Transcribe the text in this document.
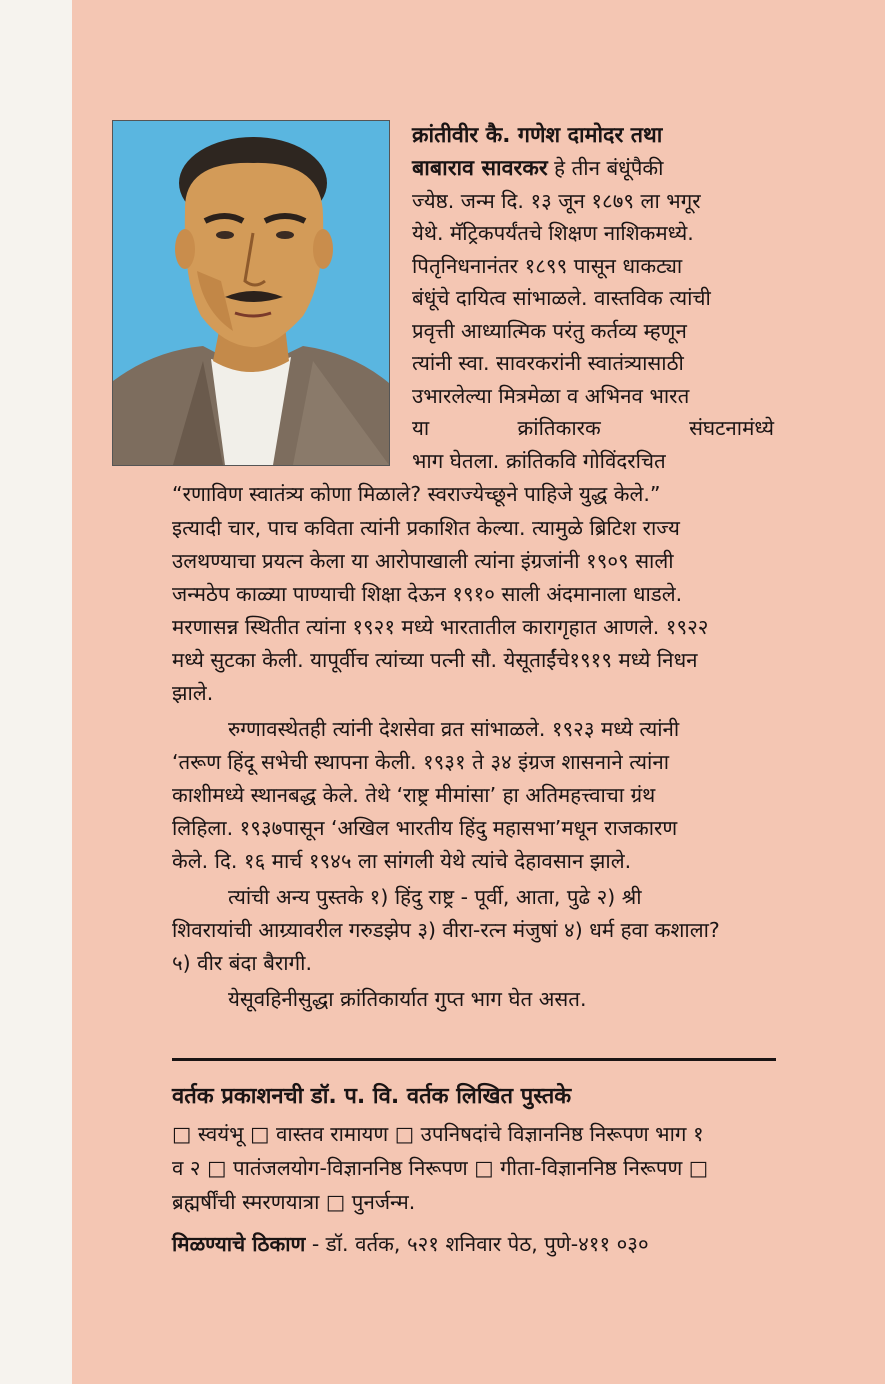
क्रांतीवीर कै. गणेश दामोदर तथा
बाबाराव सावरकर हे तीन बंधूंपैकी
ज्येष्ठ. जन्म दि. १३ जून १८७९ ला भगूर
येथे. मॅट्रिकपर्यंतचे शिक्षण नाशिकमध्ये.
पितृनिधनानंतर १८९९ पासून धाकट्या
बंधूंचे दायित्व सांभाळले. वास्तविक त्यांची
प्रवृत्ती आध्यात्मिक परंतु कर्तव्य म्हणून
त्यांनी स्वा. सावरकरांनी स्वातंत्र्यासाठी
उभारलेल्या मित्रमेळा व अभिनव भारत
या	क्रांतिकारक	संघटनामंध्ये
भाग घेतला. क्रांतिकवि गोविंदरचित
“रणाविण स्वातंत्र्य कोणा मिळाले? स्वराज्येच्छूने पाहिजे युद्ध केले.”
इत्यादी चार, पाच कविता त्यांनी प्रकाशित केल्या. त्यामुळे ब्रिटिश राज्य
उलथण्याचा प्रयत्न केला या आरोपाखाली त्यांना इंग्रजांनी १९०९ साली
जन्मठेप काळ्या पाण्याची शिक्षा देऊन १९१० साली अंदमानाला धाडले.
मरणासन्न स्थितीत त्यांना १९२१ मध्ये भारतातील कारागृहात आणले. १९२२
मध्ये सुटका केली. यापूर्वीच त्यांच्या पत्नी सौ. येसूताईंचे१९१९ मध्ये निधन
झाले.
रुग्णावस्थेतही त्यांनी देशसेवा व्रत सांभाळले. १९२३ मध्ये त्यांनी
‘तरूण हिंदू सभेची स्थापना केली. १९३१ ते ३४ इंग्रज शासनाने त्यांना
काशीमध्ये स्थानबद्ध केले. तेथे ‘राष्ट्र मीमांसा’ हा अतिमहत्त्वाचा ग्रंथ
लिहिला. १९३७पासून ‘अखिल भारतीय हिंदु महासभा’मधून राजकारण
केले. दि. १६ मार्च १९४५ ला सांगली येथे त्यांचे देहावसान झाले.
त्यांची अन्य पुस्तके १) हिंदु राष्ट्र - पूर्वी, आता, पुढे २) श्री
शिवरायांची आग्र्यावरील गरुडझेप ३) वीरा-रत्न मंजुषां ४) धर्म हवा कशाला?
५) वीर बंदा बैरागी.
येसूवहिनीसुद्धा क्रांतिकार्यात गुप्त भाग घेत असत.
□ स्वयंभू □ वास्तव रामायण □ उपनिषदांचे विज्ञाननिष्ठ निरूपण भाग १
व २ □ पातंजलयोग-विज्ञाननिष्ठ निरूपण □ गीता-विज्ञाननिष्ठ निरूपण □
ब्रह्मर्षींची स्मरणयात्रा □ पुनर्जन्म.
मिळण्याचे ठिकाण - डॉ. वर्तक, ५२१ शनिवार पेठ, पुणे-४११ ०३०
वर्तक प्रकाशनची डॉ. प. वि. वर्तक लिखित पुस्तके
